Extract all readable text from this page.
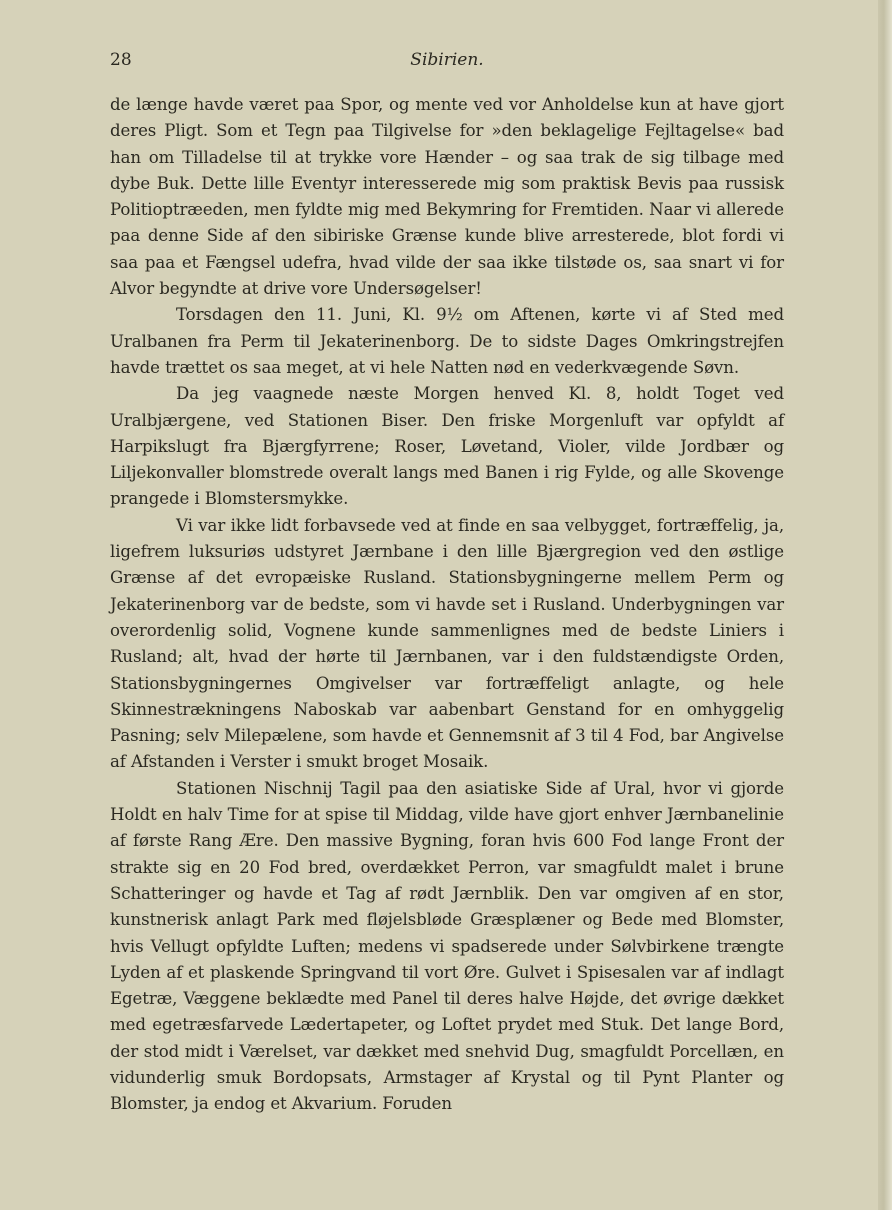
28	Sibirien.

de længe havde været paa Spor, og mente ved vor Anholdelse kun at have gjort deres Pligt. Som et Tegn paa Tilgivelse for »den beklagelige Fejltagelse« bad han om Tilladelse til at trykke vore Hænder – og saa trak de sig tilbage med dybe Buk. Dette lille Eventyr interesserede mig som praktisk Bevis paa russisk Politioptræeden, men fyldte mig med Bekymring for Fremtiden. Naar vi allerede paa denne Side af den sibiriske Grænse kunde blive arresterede, blot fordi vi saa paa et Fængsel udefra, hvad vilde der saa ikke tilstøde os, saa snart vi for Alvor begyndte at drive vore Undersøgelser!

Torsdagen den 11. Juni, Kl. 9½ om Aftenen, kørte vi af Sted med Uralbanen fra Perm til Jekaterinenborg. De to sidste Dages Omkringstrejfen havde trættet os saa meget, at vi hele Natten nød en vederkvægende Søvn.

Da jeg vaagnede næste Morgen henved Kl. 8, holdt Toget ved Uralbjærgene, ved Stationen Biser. Den friske Morgenluft var opfyldt af Harpikslugt fra Bjærgfyrrene; Roser, Løvetand, Violer, vilde Jordbær og Liljekonvaller blomstrede overalt langs med Banen i rig Fylde, og alle Skovenge prangede i Blomstersmykke.

Vi var ikke lidt forbavsede ved at finde en saa velbygget, fortræffelig, ja, ligefrem luksuriøs udstyret Jærnbane i den lille Bjærgregion ved den østlige Grænse af det evropæiske Rusland. Stationsbygningerne mellem Perm og Jekaterinenborg var de bedste, som vi havde set i Rusland. Underbygningen var overordenlig solid, Vognene kunde sammenlignes med de bedste Liniers i Rusland; alt, hvad der hørte til Jærnbanen, var i den fuldstændigste Orden, Stationsbygningernes Omgivelser var fortræffeligt anlagte, og hele Skinnestrækningens Naboskab var aabenbart Genstand for en omhyggelig Pasning; selv Milepælene, som havde et Gennemsnit af 3 til 4 Fod, bar Angivelse af Afstanden i Verster i smukt broget Mosaik.

Stationen Nischnij Tagil paa den asiatiske Side af Ural, hvor vi gjorde Holdt en halv Time for at spise til Middag, vilde have gjort enhver Jærnbanelinie af første Rang Ære. Den massive Bygning, foran hvis 600 Fod lange Front der strakte sig en 20 Fod bred, overdækket Perron, var smagfuldt malet i brune Schatteringer og havde et Tag af rødt Jærnblik. Den var omgiven af en stor, kunstnerisk anlagt Park med fløjelsbløde Græsplæner og Bede med Blomster, hvis Vellugt opfyldte Luften; medens vi spadserede under Sølvbirkene trængte Lyden af et plaskende Springvand til vort Øre. Gulvet i Spisesalen var af indlagt Egetræ, Væggene beklædte med Panel til deres halve Højde, det øvrige dækket med egetræsfarvede Lædertapeter, og Loftet prydet med Stuk. Det lange Bord, der stod midt i Værelset, var dækket med snehvid Dug, smagfuldt Porcellæn, en vidunderlig smuk Bordopsats, Armstager af Krystal og til Pynt Planter og Blomster, ja endog et Akvarium. Foruden
